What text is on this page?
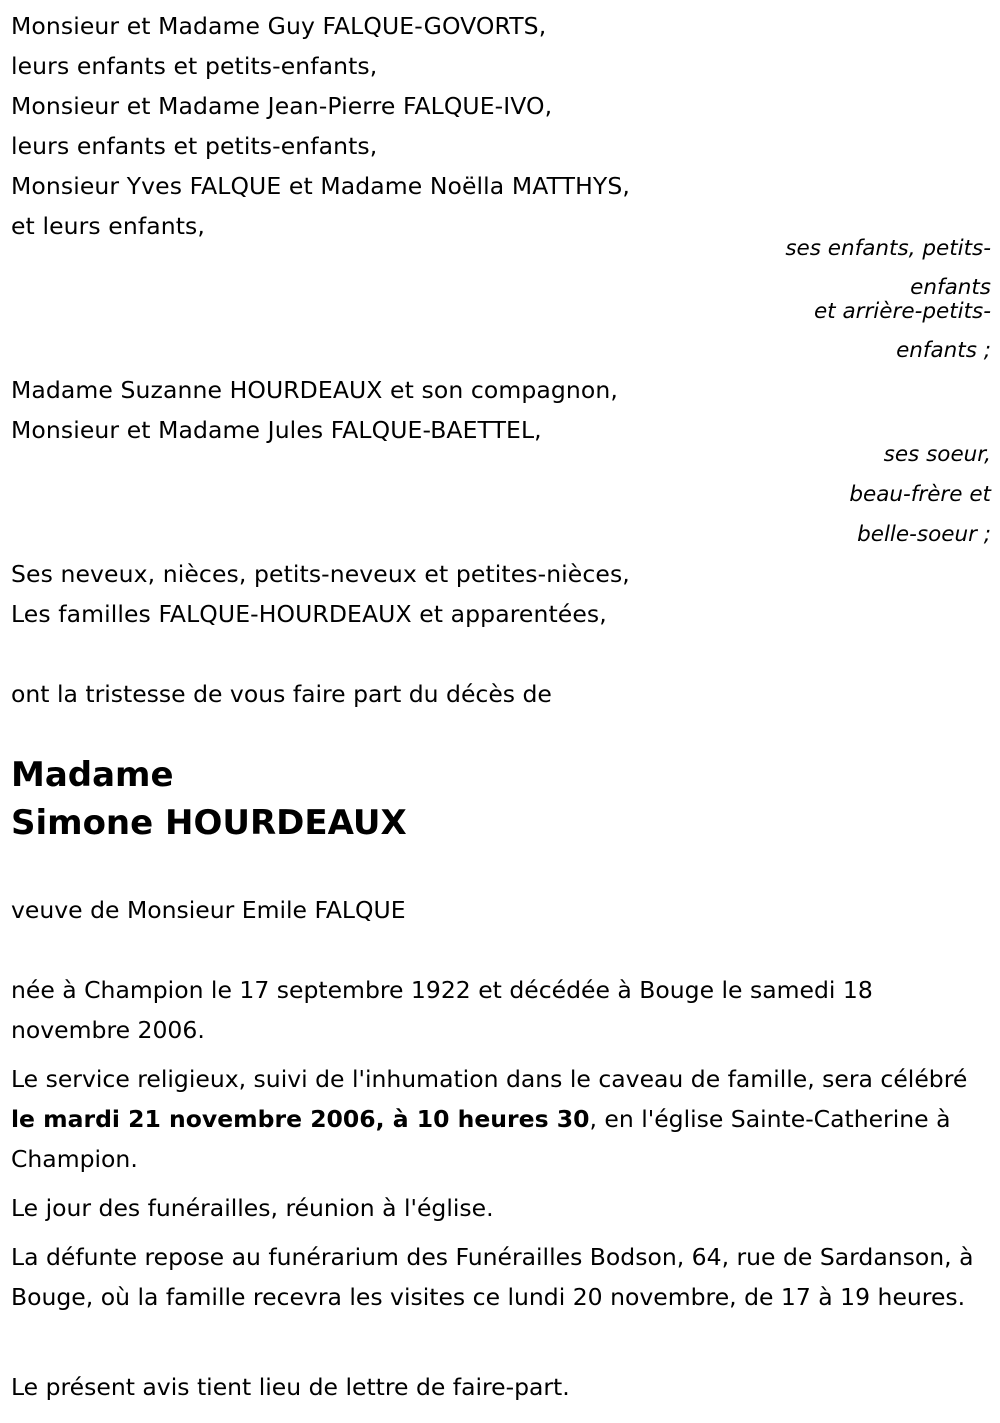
Monsieur et Madame Guy FALQUE-GOVORTS,
leurs enfants et petits-enfants,
Monsieur et Madame Jean-Pierre FALQUE-IVO,
leurs enfants et petits-enfants,
Monsieur Yves FALQUE et Madame Noëlla MATTHYS,
et leurs enfants,
ses enfants, petits-
enfants
et arrière-petits-
enfants ;
Madame Suzanne HOURDEAUX et son compagnon,
Monsieur et Madame Jules FALQUE-BAETTEL,
ses soeur,
beau-frère et
belle-soeur ;
Ses neveux, nièces, petits-neveux et petites-nièces,
Les familles FALQUE-HOURDEAUX et apparentées,
ont la tristesse de vous faire part du décès de
Madame
Simone HOURDEAUX
veuve de Monsieur Emile FALQUE
née à Champion le 17 septembre 1922 et décédée à Bouge le samedi 18 novembre 2006.
Le service religieux, suivi de l'inhumation dans le caveau de famille, sera célébré le mardi 21 novembre 2006, à 10 heures 30, en l'église Sainte-Catherine à Champion.
Le jour des funérailles, réunion à l'église.
La défunte repose au funérarium des Funérailles Bodson, 64, rue de Sardanson, à Bouge, où la famille recevra les visites ce lundi 20 novembre, de 17 à 19 heures.
Le présent avis tient lieu de lettre de faire-part.
